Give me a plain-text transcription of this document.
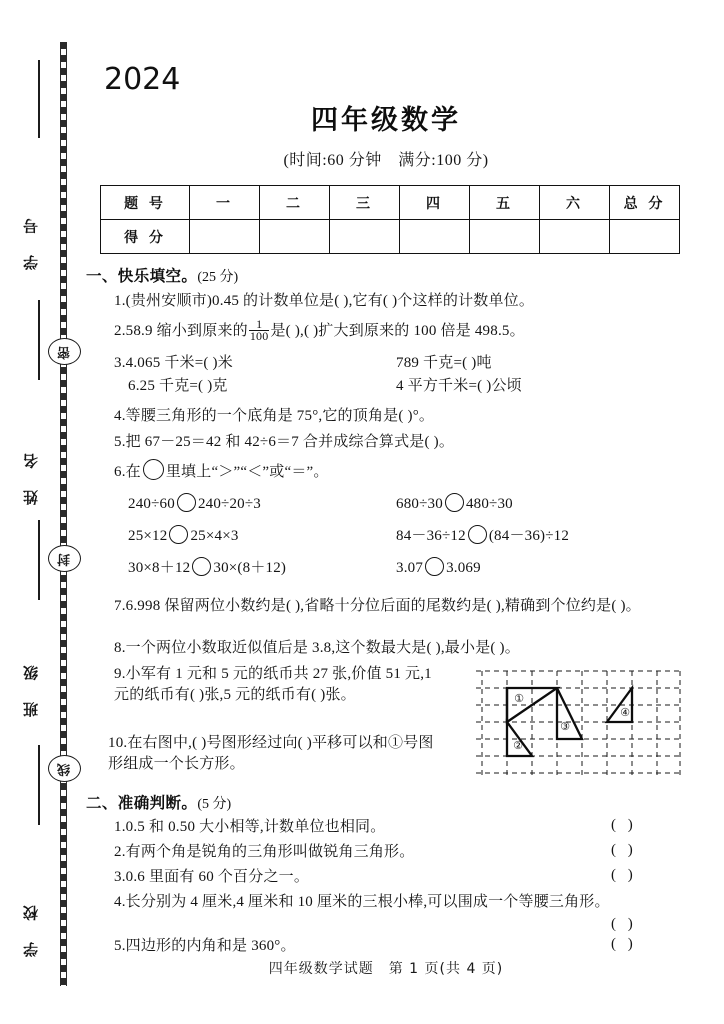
学 号
姓 名
班 级
学 校
密
封
线
2024
四年级数学
(时间:60 分钟　满分:100 分)
题 号	一	二	三	四	五	六	总 分
得 分							
一、快乐填空。(25 分)
1.(贵州安顺市)0.45 的计数单位是( ),它有( )个这样的计数单位。
2.58.9 缩小到原来的 $\frac{1}{100}$ 是( ),( )扩大到原来的 100 倍是 498.5。
3.4.065 千米=( )米	789 千克=( )吨
6.25 千克=( )克	4 平方千米=( )公顷
4.等腰三角形的一个底角是 75°,它的顶角是( )°。
5.把 67－25＝42 和 42÷6＝7 合并成综合算式是( )。
6.在 里填上“＞”“＜”或“＝”。
240÷60 240÷20÷3	680÷30 480÷30
25×12 25×4×3	84－36÷12 (84－36)÷12
30×8＋12 30×(8＋12)	3.07 3.069
7.6.998 保留两位小数约是( ),省略十分位后面的尾数约是( ),精确到个位约是( )。
8.一个两位小数取近似值后是 3.8,这个数最大是( ),最小是( )。
9.小军有 1 元和 5 元的纸币共 27 张,价值 51 元,1 元的纸币有( )张,5 元的纸币有( )张。
10.在右图中,( )号图形经过向( )平移可以和①号图形组成一个长方形。
①
②
③
④
二、准确判断。(5 分)
1.0.5 和 0.50 大小相等,计数单位也相同。	( )
2.有两个角是锐角的三角形叫做锐角三角形。	( )
3.0.6 里面有 60 个百分之一。	( )
4.长分别为 4 厘米,4 厘米和 10 厘米的三根小棒,可以围成一个等腰三角形。
( )
5.四边形的内角和是 360°。	( )
四年级数学试题　第 1 页(共 4 页)
